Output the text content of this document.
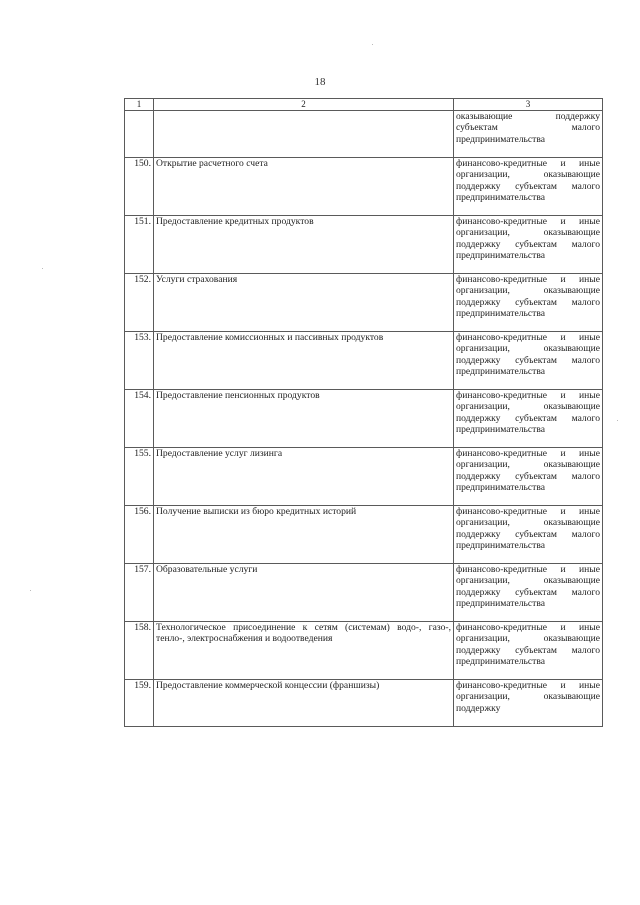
18
1	2	3
		оказывающие поддержку субъектам малого предпринимательства
150.	Открытие расчетного счета	финансово-кредитные и иные организации, оказывающие поддержку субъектам малого предпринимательства
151.	Предоставление кредитных продуктов	финансово-кредитные и иные организации, оказывающие поддержку субъектам малого предпринимательства
152.	Услуги страхования	финансово-кредитные и иные организации, оказывающие поддержку субъектам малого предпринимательства
153.	Предоставление комиссионных и пассивных продуктов	финансово-кредитные и иные организации, оказывающие поддержку субъектам малого предпринимательства
154.	Предоставление пенсионных продуктов	финансово-кредитные и иные организации, оказывающие поддержку субъектам малого предпринимательства
155.	Предоставление услуг лизинга	финансово-кредитные и иные организации, оказывающие поддержку субъектам малого предпринимательства
156.	Получение выписки из бюро кредитных историй	финансово-кредитные и иные организации, оказывающие поддержку субъектам малого предпринимательства
157.	Образовательные услуги	финансово-кредитные и иные организации, оказывающие поддержку субъектам малого предпринимательства
158.	Технологическое присоединение к сетям (системам) водо-, газо-, тенло-, электроснабжения и водоотведения	финансово-кредитные и иные организации, оказывающие поддержку субъектам малого предпринимательства
159.	Предоставление коммерческой концессии (франшизы)	финансово-кредитные и иные организации, оказывающие поддержку
